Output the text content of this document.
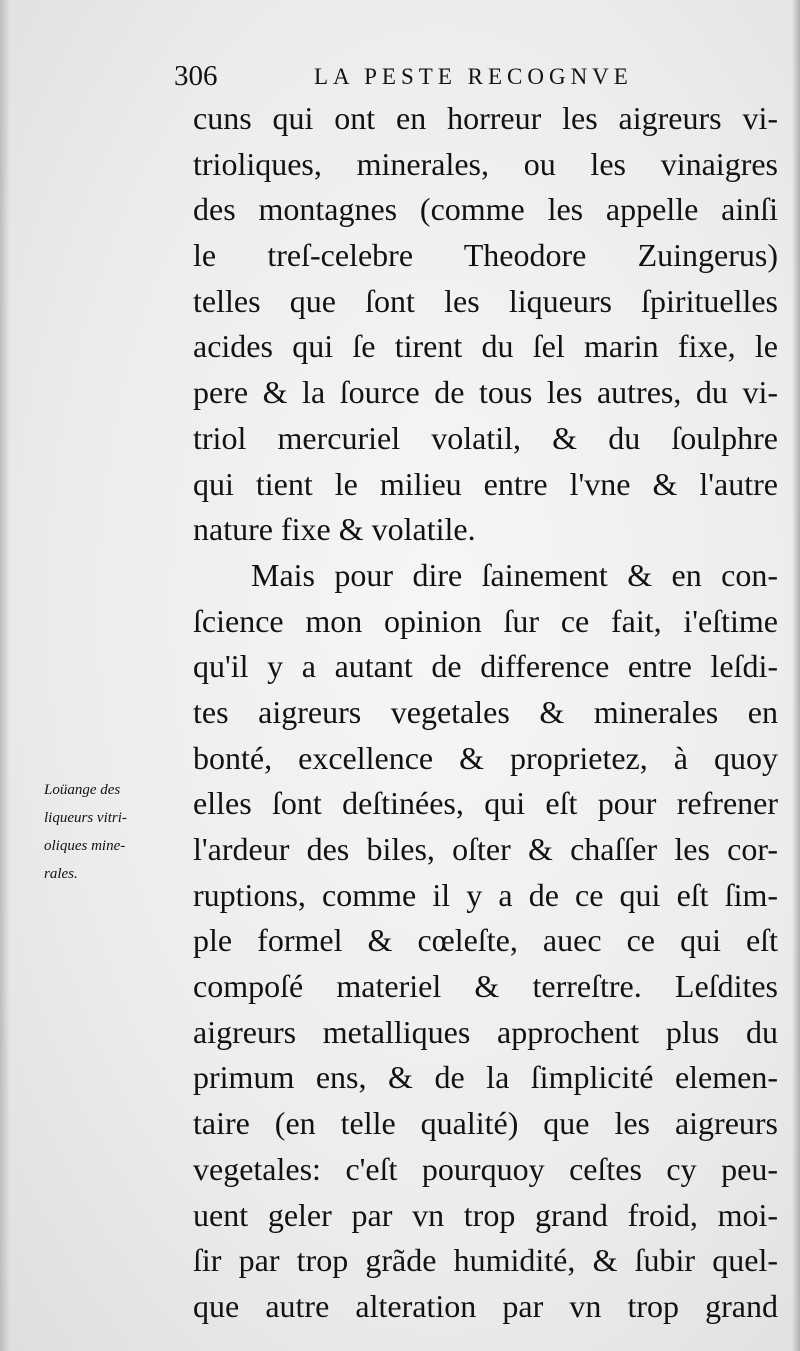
306	LA PESTE RECOGNVE
Loüange des
liqueurs vitri-
oliques mine-
rales.
cuns qui ont en horreur les aigreurs vi-
trioliques, minerales, ou les vinaigres
des montagnes (comme les appelle ainſi
le treſ-celebre Theodore Zuingerus)
telles que ſont les liqueurs ſpirituelles
acides qui ſe tirent du ſel marin fixe, le
pere & la ſource de tous les autres, du vi-
triol mercuriel volatil, & du ſoulphre
qui tient le milieu entre l'vne & l'autre
nature fixe & volatile.
Mais pour dire ſainement & en con-
ſcience mon opinion ſur ce fait, i'eſtime
qu'il y a autant de difference entre leſdi-
tes aigreurs vegetales & minerales en
bonté, excellence & proprietez, à quoy
elles ſont deſtinées, qui eſt pour refrener
l'ardeur des biles, oſter & chaſſer les cor-
ruptions, comme il y a de ce qui eſt ſim-
ple formel & cœleſte, auec ce qui eſt
compoſé materiel & terreſtre. Leſdites
aigreurs metalliques approchent plus du
primum ens, & de la ſimplicité elemen-
taire (en telle qualité) que les aigreurs
vegetales: c'eſt pourquoy ceſtes cy peu-
uent geler par vn trop grand froid, moi-
ſir par trop grãde humidité, & ſubir quel-
que autre alteration par vn trop grand
